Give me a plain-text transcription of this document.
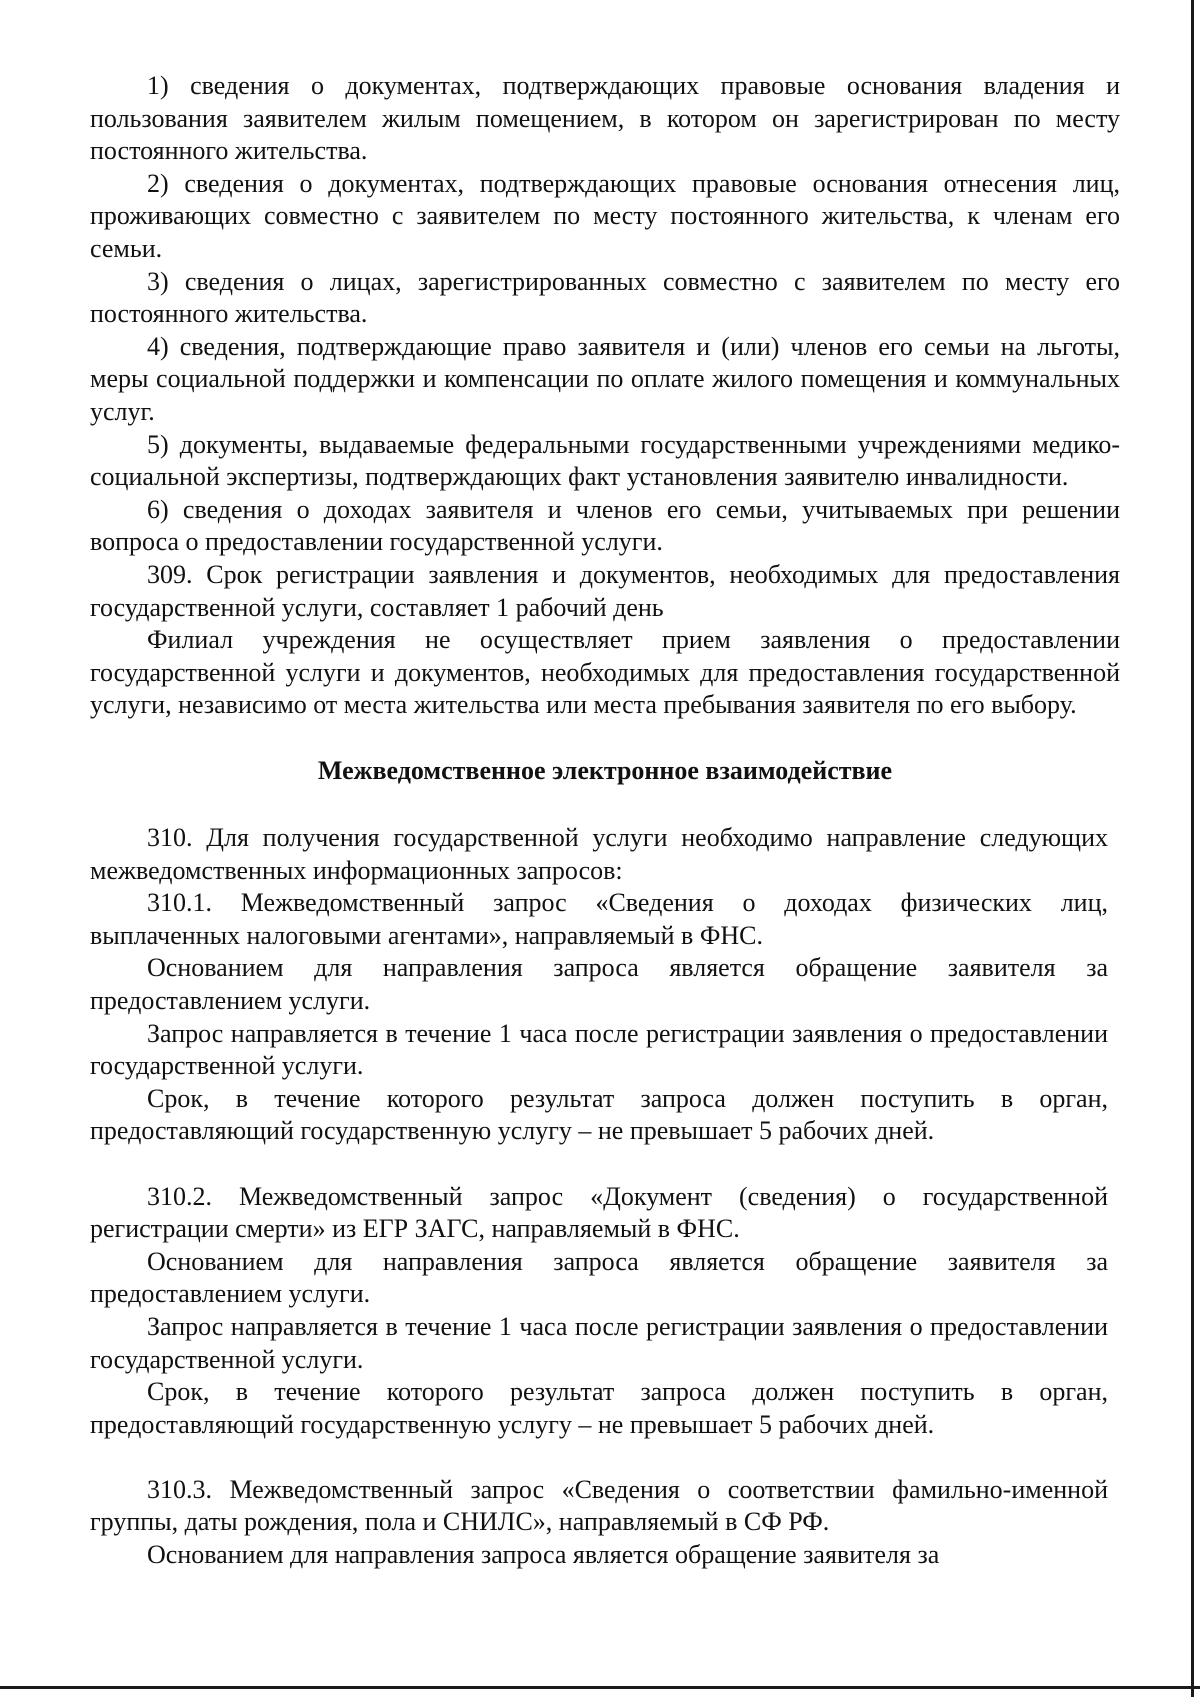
1) сведения о документах, подтверждающих правовые основания владения и пользования заявителем жилым помещением, в котором он зарегистрирован по месту постоянного жительства.

2) сведения о документах, подтверждающих правовые основания отнесения лиц, проживающих совместно с заявителем по месту постоянного жительства, к членам его семьи.

3) сведения о лицах, зарегистрированных совместно с заявителем по месту его постоянного жительства.

4) сведения, подтверждающие право заявителя и (или) членов его семьи на льготы, меры социальной поддержки и компенсации по оплате жилого помещения и коммунальных услуг.

5) документы, выдаваемые федеральными государственными учреждениями медико-социальной экспертизы, подтверждающих факт установления заявителю инвалидности.

6) сведения о доходах заявителя и членов его семьи, учитываемых при решении вопроса о предоставлении государственной услуги.

309. Срок регистрации заявления и документов, необходимых для предоставления государственной услуги, составляет 1 рабочий день

Филиал учреждения не осуществляет прием заявления о предоставлении государственной услуги и документов, необходимых для предоставления государственной услуги, независимо от места жительства или места пребывания заявителя по его выбору.

Межведомственное электронное взаимодействие

310. Для получения государственной услуги необходимо направление следующих межведомственных информационных запросов:

310.1. Межведомственный запрос «Сведения о доходах физических лиц, выплаченных налоговыми агентами», направляемый в ФНС.

Основанием для направления запроса является обращение заявителя за предоставлением услуги.

Запрос направляется в течение 1 часа после регистрации заявления о предоставлении государственной услуги.

Срок, в течение которого результат запроса должен поступить в орган, предоставляющий государственную услугу – не превышает 5 рабочих дней.

310.2. Межведомственный запрос «Документ (сведения) о государственной регистрации смерти» из ЕГР ЗАГС, направляемый в ФНС.

Основанием для направления запроса является обращение заявителя за предоставлением услуги.

Запрос направляется в течение 1 часа после регистрации заявления о предоставлении государственной услуги.

Срок, в течение которого результат запроса должен поступить в орган, предоставляющий государственную услугу – не превышает 5 рабочих дней.

310.3. Межведомственный запрос «Сведения о соответствии фамильно-именной группы, даты рождения, пола и СНИЛС», направляемый в СФ РФ.

Основанием для направления запроса является обращение заявителя за
